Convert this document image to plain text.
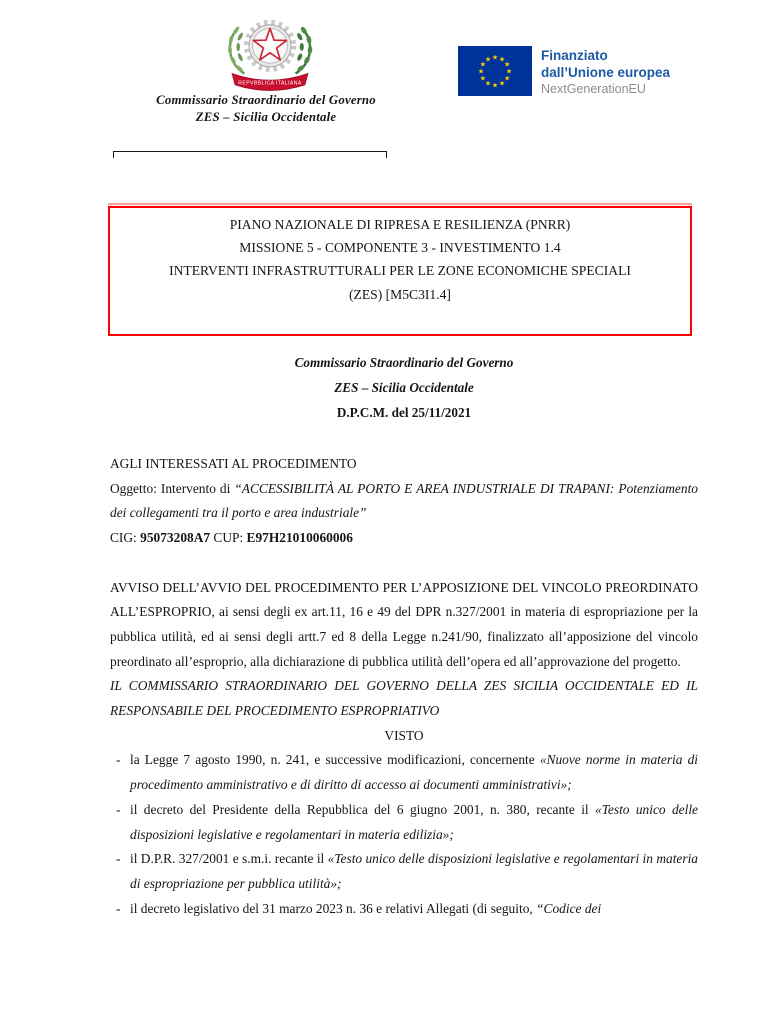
REPVBBLICA ITALIANA
Commissario Straordinario del Governo
ZES – Sicilia Occidentale
★ ★
★
★
★
★
★
★
★
★
★
★	Finanziato
dall’Unione europea
NextGenerationEU
PIANO NAZIONALE DI RIPRESA E RESILIENZA (PNRR)
MISSIONE 5 - COMPONENTE 3 - INVESTIMENTO 1.4
INTERVENTI INFRASTRUTTURALI PER LE ZONE ECONOMICHE SPECIALI
(ZES) [M5C3I1.4]
Commissario Straordinario del Governo
ZES – Sicilia Occidentale
D.P.C.M. del 25/11/2021

AGLI INTERESSATI AL PROCEDIMENTO

Oggetto: Intervento di “ACCESSIBILITÀ AL PORTO E AREA INDUSTRIALE DI TRAPANI: Potenziamento dei collegamenti tra il porto e area industriale”

CIG: 95073208A7 CUP: E97H21010060006

AVVISO DELL’AVVIO DEL PROCEDIMENTO PER L’APPOSIZIONE DEL VINCOLO PREORDINATO ALL’ESPROPRIO, ai sensi degli ex art.11, 16 e 49 del DPR n.327/2001 in materia di espropriazione per la pubblica utilità, ed ai sensi degli artt.7 ed 8 della Legge n.241/90, finalizzato all’apposizione del vincolo preordinato all’esproprio, alla dichiarazione di pubblica utilità dell’opera ed all’approvazione del progetto.

IL COMMISSARIO STRAORDINARIO DEL GOVERNO DELLA ZES SICILIA OCCIDENTALE ED IL RESPONSABILE DEL PROCEDIMENTO ESPROPRIATIVO

VISTO

- la Legge 7 agosto 1990, n. 241, e successive modificazioni, concernente «Nuove norme in materia di procedimento amministrativo e di diritto di accesso ai documenti amministrativi»;
- il decreto del Presidente della Repubblica del 6 giugno 2001, n. 380, recante il «Testo unico delle disposizioni legislative e regolamentari in materia edilizia»;
- il D.P.R. 327/2001 e s.m.i. recante il «Testo unico delle disposizioni legislative e regolamentari in materia di espropriazione per pubblica utilità»;
- il decreto legislativo del 31 marzo 2023 n. 36 e relativi Allegati (di seguito, “Codice dei
